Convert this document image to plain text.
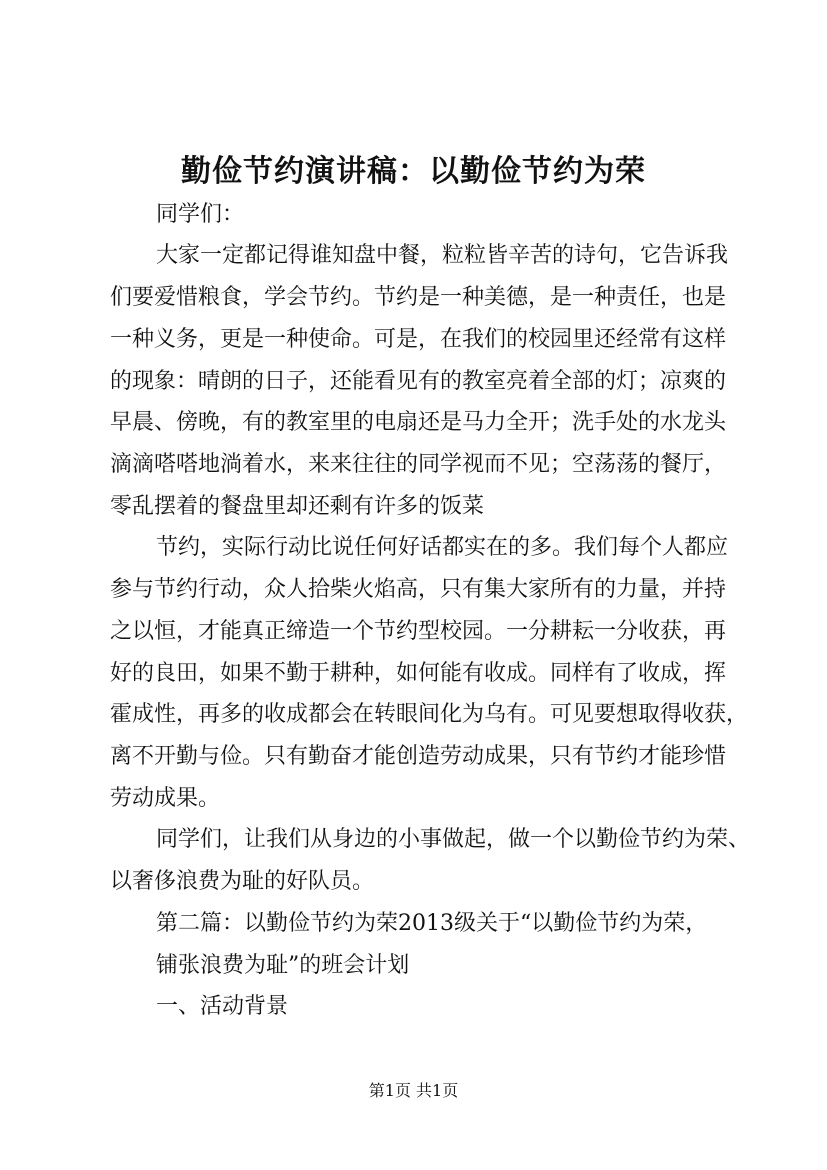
勤俭节约演讲稿：以勤俭节约为荣
同学们：
大家一定都记得谁知盘中餐，粒粒皆辛苦的诗句，它告诉我
们要爱惜粮食，学会节约。节约是一种美德，是一种责任，也是
一种义务，更是一种使命。可是，在我们的校园里还经常有这样
的现象：晴朗的日子，还能看见有的教室亮着全部的灯；凉爽的
早晨、傍晚，有的教室里的电扇还是马力全开；洗手处的水龙头
滴滴嗒嗒地淌着水，来来往往的同学视而不见；空荡荡的餐厅，
零乱摆着的餐盘里却还剩有许多的饭菜
节约，实际行动比说任何好话都实在的多。我们每个人都应
参与节约行动，众人拾柴火焰高，只有集大家所有的力量，并持
之以恒，才能真正缔造一个节约型校园。一分耕耘一分收获，再
好的良田，如果不勤于耕种，如何能有收成。同样有了收成，挥
霍成性，再多的收成都会在转眼间化为乌有。可见要想取得收获，
离不开勤与俭。只有勤奋才能创造劳动成果，只有节约才能珍惜
劳动成果。
同学们，让我们从身边的小事做起，做一个以勤俭节约为荣、
以奢侈浪费为耻的好队员。
第二篇：以勤俭节约为荣2013级关于“以勤俭节约为荣，
铺张浪费为耻”的班会计划
一、活动背景
第1页 共1页
